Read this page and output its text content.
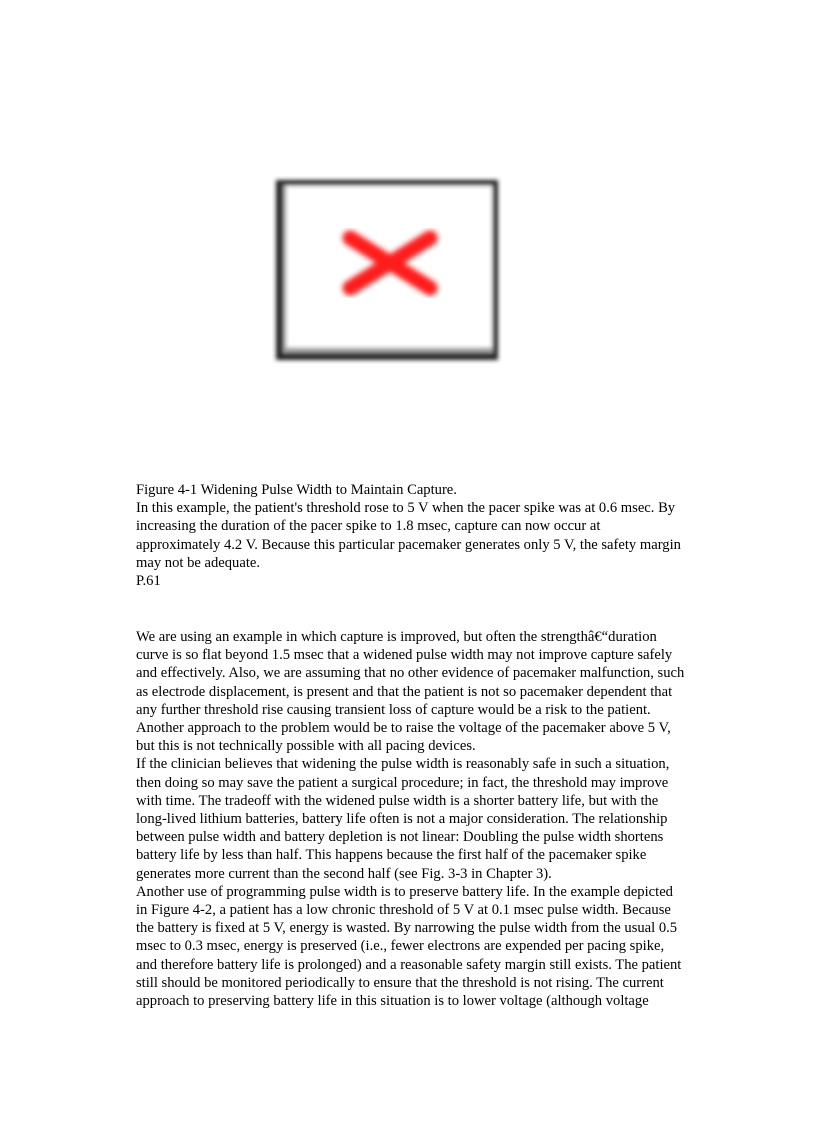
Figure 4-1 Widening Pulse Width to Maintain Capture.

In this example, the patient's threshold rose to 5 V when the pacer spike was at 0.6 msec. By

increasing the duration of the pacer spike to 1.8 msec, capture can now occur at

approximately 4.2 V. Because this particular pacemaker generates only 5 V, the safety margin

may not be adequate.

P.61

We are using an example in which capture is improved, but often the strengthâ€“duration

curve is so flat beyond 1.5 msec that a widened pulse width may not improve capture safely

and effectively. Also, we are assuming that no other evidence of pacemaker malfunction, such

as electrode displacement, is present and that the patient is not so pacemaker dependent that

any further threshold rise causing transient loss of capture would be a risk to the patient.

Another approach to the problem would be to raise the voltage of the pacemaker above 5 V,

but this is not technically possible with all pacing devices.

If the clinician believes that widening the pulse width is reasonably safe in such a situation,

then doing so may save the patient a surgical procedure; in fact, the threshold may improve

with time. The tradeoff with the widened pulse width is a shorter battery life, but with the

long-lived lithium batteries, battery life often is not a major consideration. The relationship

between pulse width and battery depletion is not linear: Doubling the pulse width shortens

battery life by less than half. This happens because the first half of the pacemaker spike

generates more current than the second half (see Fig. 3-3 in Chapter 3).

Another use of programming pulse width is to preserve battery life. In the example depicted

in Figure 4-2, a patient has a low chronic threshold of 5 V at 0.1 msec pulse width. Because

the battery is fixed at 5 V, energy is wasted. By narrowing the pulse width from the usual 0.5

msec to 0.3 msec, energy is preserved (i.e., fewer electrons are expended per pacing spike,

and therefore battery life is prolonged) and a reasonable safety margin still exists. The patient

still should be monitored periodically to ensure that the threshold is not rising. The current

approach to preserving battery life in this situation is to lower voltage (although voltage
